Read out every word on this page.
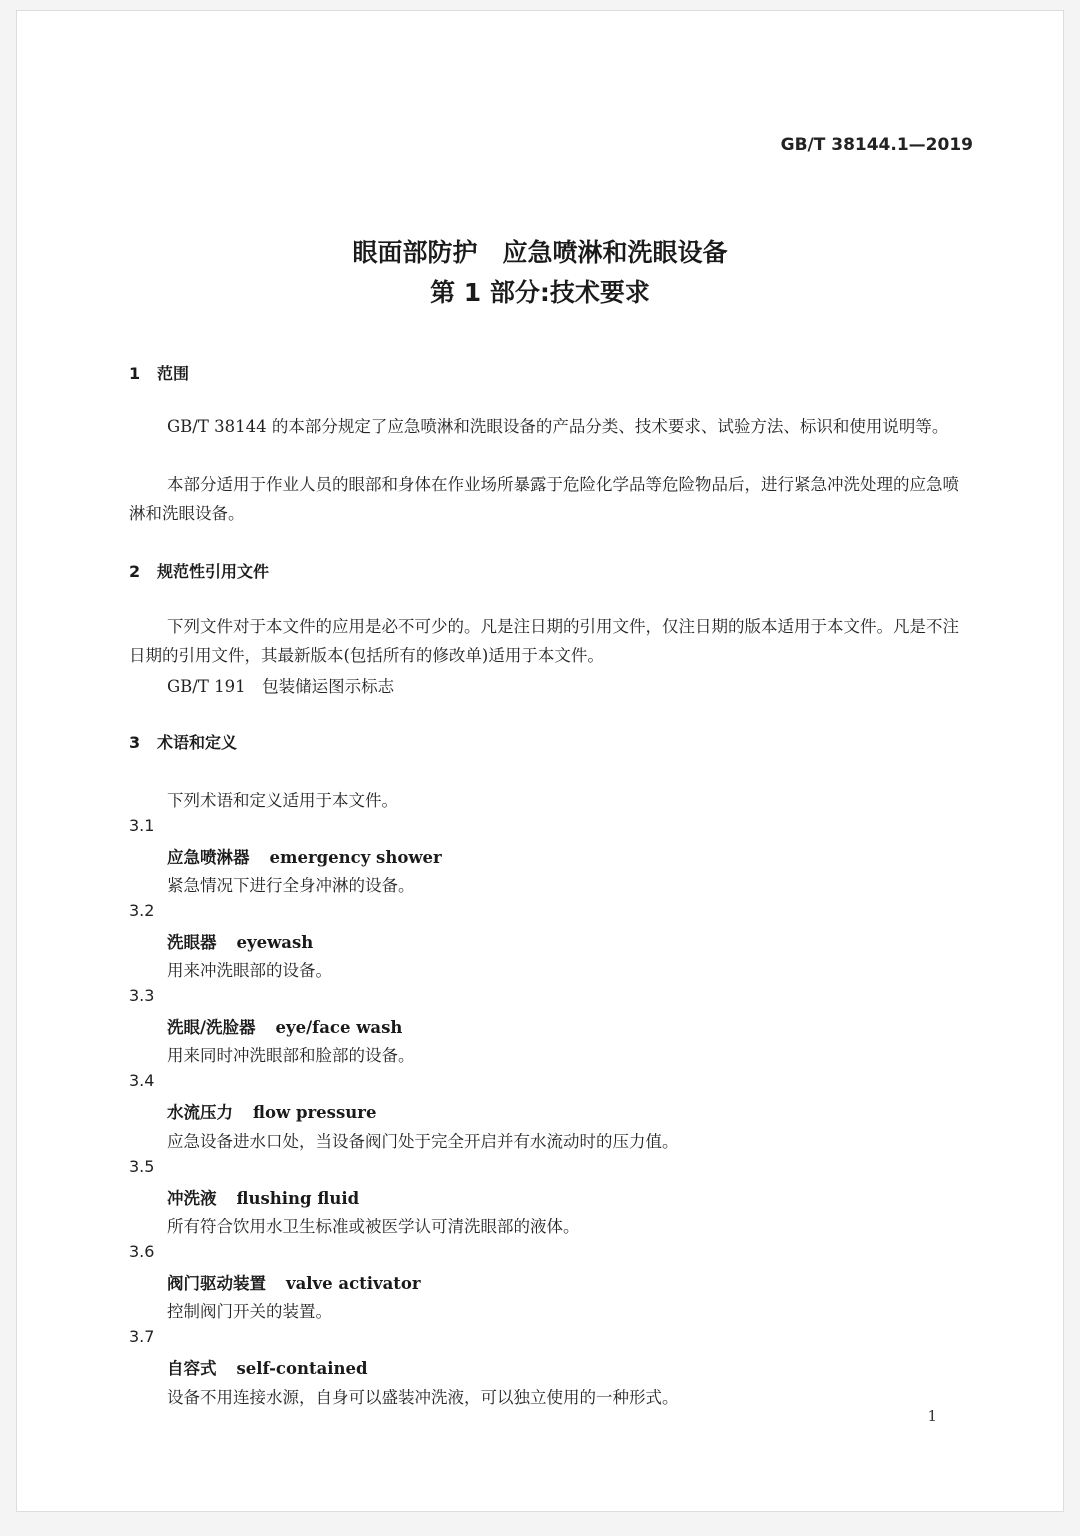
GB/T 38144.1—2019
眼面部防护　应急喷淋和洗眼设备
第 1 部分:技术要求
1 范围
GB/T 38144 的本部分规定了应急喷淋和洗眼设备的产品分类、技术要求、试验方法、标识和使用说明等。
本部分适用于作业人员的眼部和身体在作业场所暴露于危险化学品等危险物品后，进行紧急冲洗处理的应急喷淋和洗眼设备。
2 规范性引用文件
下列文件对于本文件的应用是必不可少的。凡是注日期的引用文件，仅注日期的版本适用于本文件。凡是不注日期的引用文件，其最新版本(包括所有的修改单)适用于本文件。
GB/T 191　包装储运图示标志
3 术语和定义
下列术语和定义适用于本文件。
3.1
应急喷淋器 emergency shower
紧急情况下进行全身冲淋的设备。
3.2
洗眼器 eyewash
用来冲洗眼部的设备。
3.3
洗眼/洗脸器 eye/face wash
用来同时冲洗眼部和脸部的设备。
3.4
水流压力 flow pressure
应急设备进水口处，当设备阀门处于完全开启并有水流动时的压力值。
3.5
冲洗液 flushing fluid
所有符合饮用水卫生标准或被医学认可清洗眼部的液体。
3.6
阀门驱动装置 valve activator
控制阀门开关的装置。
3.7
自容式 self-contained
设备不用连接水源，自身可以盛装冲洗液，可以独立使用的一种形式。
1
